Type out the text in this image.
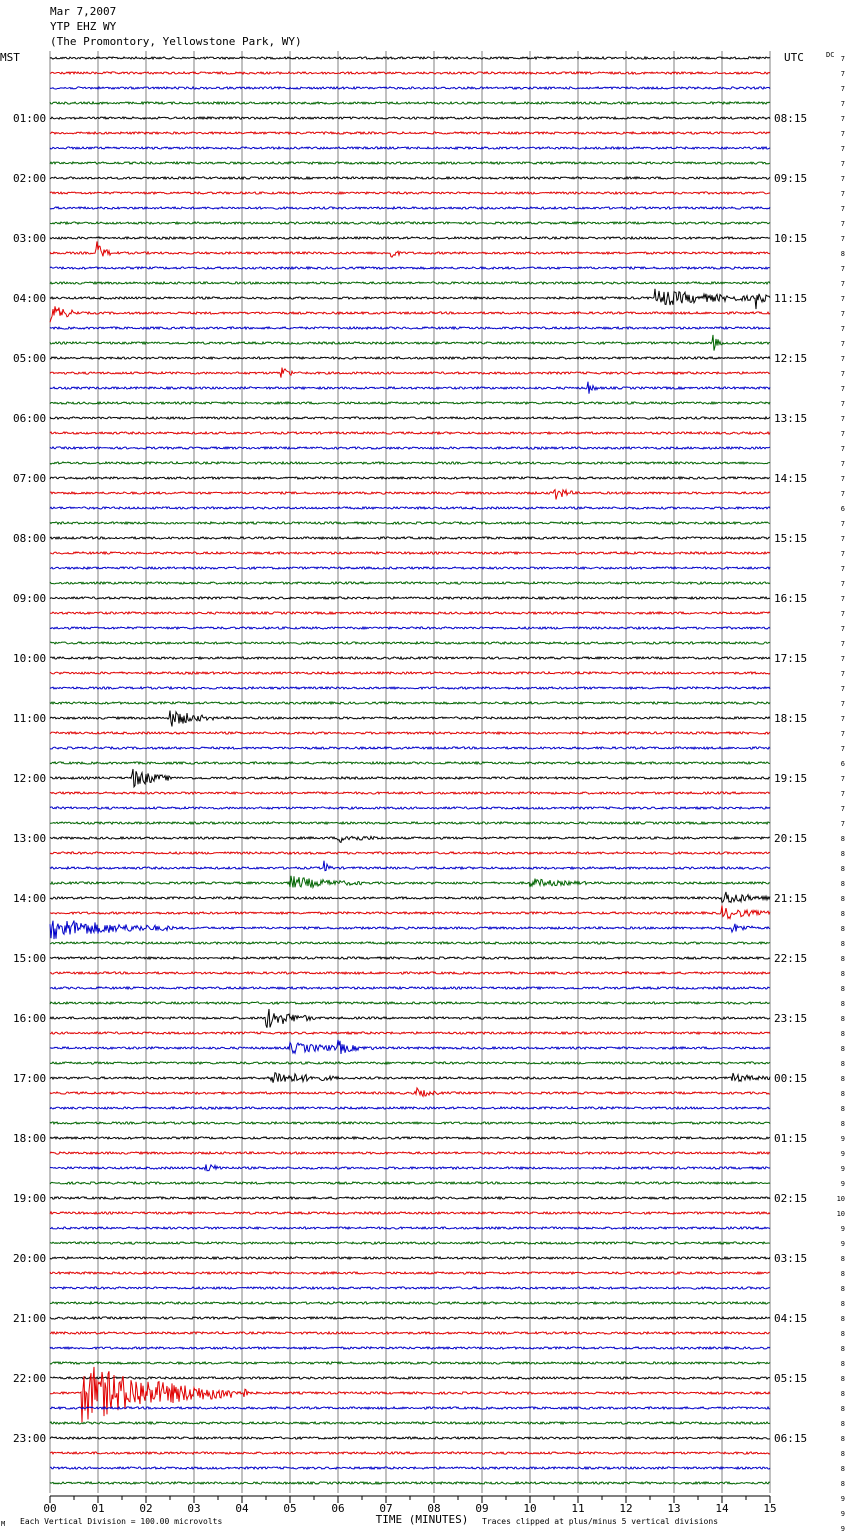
Mar 7,2007
YTP EHZ WY
(The Promontory, Yellowstone Park, WY)
MST	UTC	DC
01:00
02:00
03:00
04:00
05:00
06:00
07:00
08:00
09:00
10:00
11:00
12:00
13:00
14:00
15:00
16:00
17:00
18:00
19:00
20:00
21:00
22:00
23:00
08:15
09:15
10:15
11:15
12:15
13:15
14:15
15:15
16:15
17:15
18:15
19:15
20:15
21:15
22:15
23:15
00:15
01:15
02:15
03:15
04:15
05:15
06:15
7
7
7
7
7
7
7
7
7
7
7
7
7
8
7
7
7
7
7
7
7
7
7
7
7
7
7
7
7
7
6
7
7
7
7
7
7
7
7
7
7
7
7
7
7
7
7
6
7
7
7
7
8
8
8
8
8
8
8
8
8
8
8
8
8
8
8
8
8
8
8
8
9
9
9
9
10
10
9
9
8
8
8
8
8
8
8
8
8
8
8
8
8
8
8
8
9
9
9
00	01	02	03	04	05	06	07	08	09	10	11	12	13	14	15
TIME (MINUTES)
M Each Vertical Division = 100.00 microvolts	Traces clipped at plus/minus 5 vertical divisions
